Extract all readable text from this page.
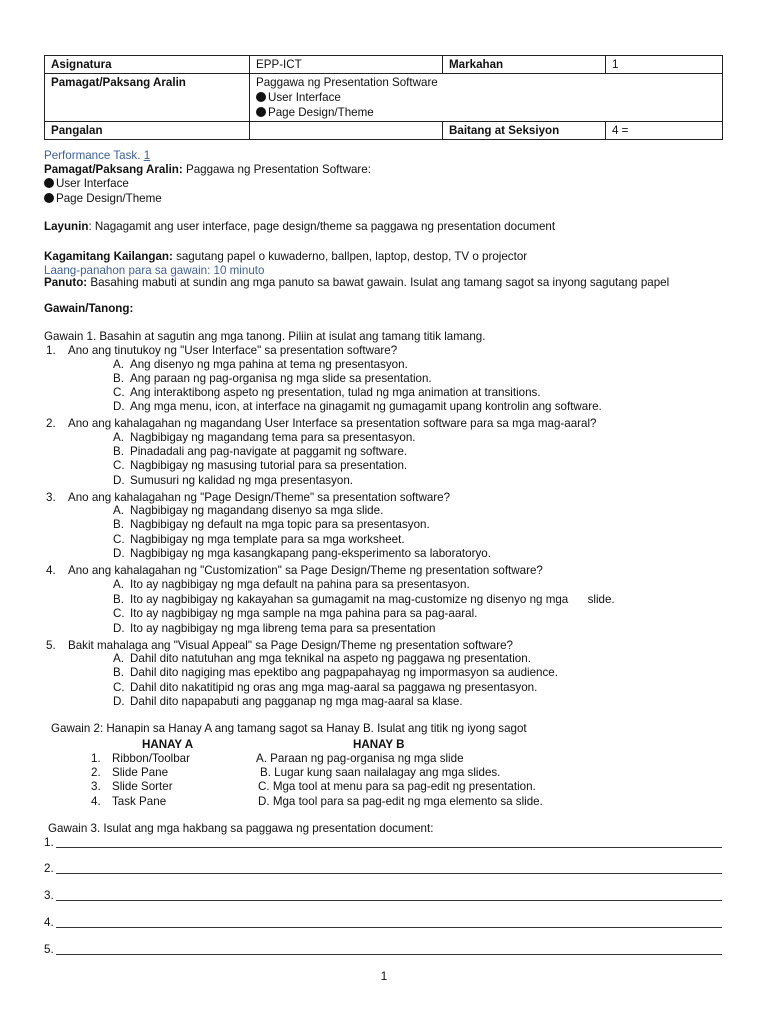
Asignatura	EPP-ICT	Markahan	1
Pamagat/Paksang Aralin	Paggawa ng Presentation Software
User Interface
Page Design/Theme		

Pangalan		Baitang at Seksiyon	4 =
Performance Task. 1
Pamagat/Paksang Aralin: Paggawa ng Presentation Software:
User Interface
Page Design/Theme
Layunin: Nagagamit ang user interface, page design/theme sa paggawa ng presentation document
Kagamitang Kailangan: sagutang papel o kuwaderno, ballpen, laptop, destop, TV o projector
Laang-panahon para sa gawain: 10 minuto
Panuto: Basahing mabuti at sundin ang mga panuto sa bawat gawain. Isulat ang tamang sagot sa inyong sagutang papel
Gawain/Tanong:
Gawain 1. Basahin at sagutin ang mga tanong. Piliin at isulat ang tamang titik lamang.
1. Ano ang tinutukoy ng "User Interface" sa presentation software?
A. Ang disenyo ng mga pahina at tema ng presentasyon.
B. Ang paraan ng pag-organisa ng mga slide sa presentation.
C. Ang interaktibong aspeto ng presentation, tulad ng mga animation at transitions.
D. Ang mga menu, icon, at interface na ginagamit ng gumagamit upang kontrolin ang software.
2. Ano ang kahalagahan ng magandang User Interface sa presentation software para sa mga mag-aaral?
A. Nagbibigay ng magandang tema para sa presentasyon.
B. Pinadadali ang pag-navigate at paggamit ng software.
C. Nagbibigay ng masusing tutorial para sa presentation.
D. Sumusuri ng kalidad ng mga presentasyon.
3. Ano ang kahalagahan ng "Page Design/Theme" sa presentation software?
A. Nagbibigay ng magandang disenyo sa mga slide.
B. Nagbibigay ng default na mga topic para sa presentasyon.
C. Nagbibigay ng mga template para sa mga worksheet.
D. Nagbibigay ng mga kasangkapang pang-eksperimento sa laboratoryo.
4. Ano ang kahalagahan ng "Customization" sa Page Design/Theme ng presentation software?
A. Ito ay nagbibigay ng mga default na pahina para sa presentasyon.
B. Ito ay nagbibigay ng kakayahan sa gumagamit na mag-customize ng disenyo ng mga      slide.
C. Ito ay nagbibigay ng mga sample na mga pahina para sa pag-aaral.
D. Ito ay nagbibigay ng mga libreng tema para sa presentation
5. Bakit mahalaga ang "Visual Appeal" sa Page Design/Theme ng presentation software?
A. Dahil dito natutuhan ang mga teknikal na aspeto ng paggawa ng presentation.
B. Dahil dito nagiging mas epektibo ang pagpapahayag ng impormasyon sa audience.
C. Dahil dito nakatitipid ng oras ang mga mag-aaral sa paggawa ng presentasyon.
D. Dahil dito napapabuti ang pagganap ng mga mag-aaral sa klase.
Gawain 2: Hanapin sa Hanay A ang tamang sagot sa Hanay B. Isulat ang titik ng iyong sagot
HANAY A	HANAY B
1. Ribbon/Toolbar	A. Paraan ng pag-organisa ng mga slide
2. Slide Pane	B. Lugar kung saan nailalagay ang mga slides.
3. Slide Sorter	C. Mga tool at menu para sa pag-edit ng presentation.
4. Task Pane	D. Mga tool para sa pag-edit ng mga elemento sa slide.
Gawain 3. Isulat ang mga hakbang sa paggawa ng presentation document:
1.
2.
3.
4.
5.
1
